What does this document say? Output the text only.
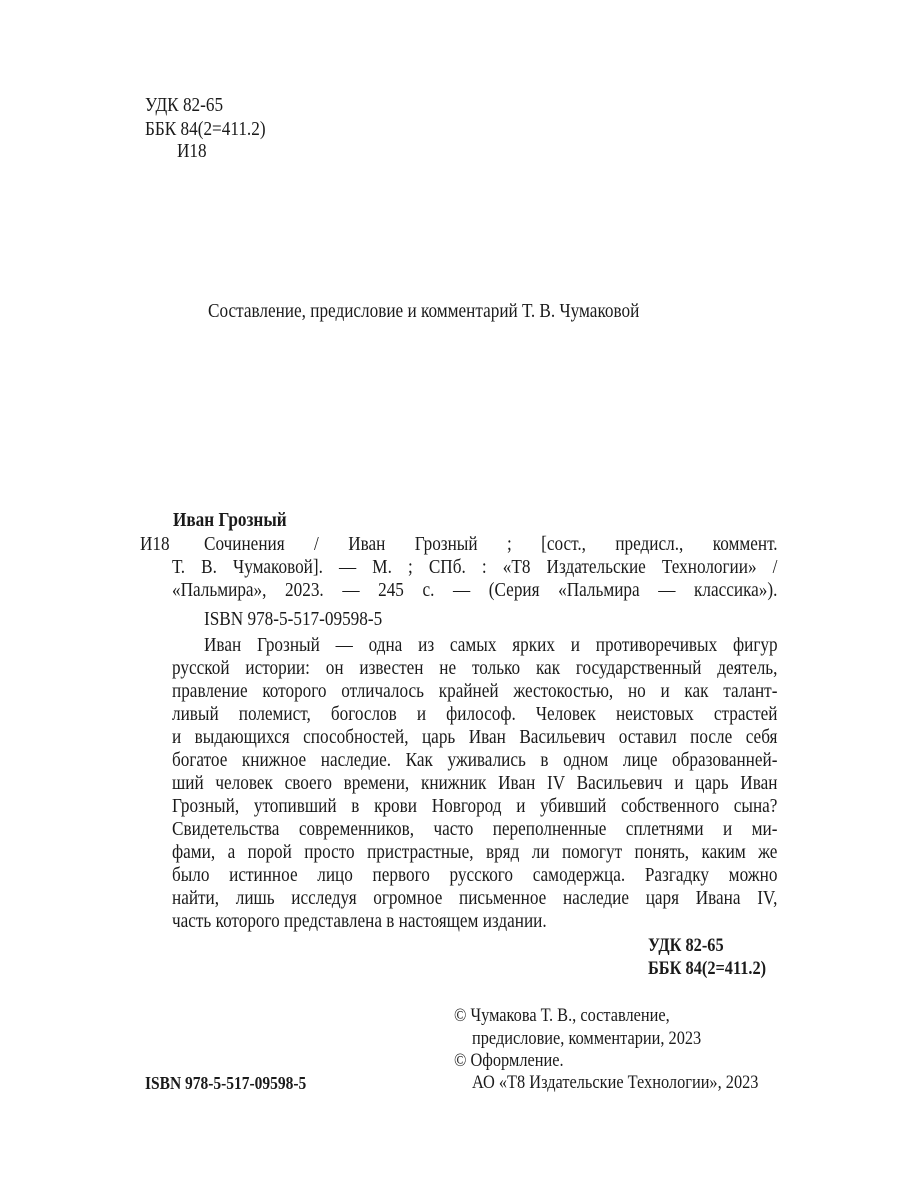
УДК 82-65
ББК 84(2=411.2)
И18
Составление, предисловие и комментарий Т. В. Чумаковой
Иван Грозный
И18 Сочинения / Иван Грозный ; [сост., предисл., коммент.
Т. В. Чумаковой]. — М. ; СПб. : «Т8 Издательские Технологии» /
«Пальмира», 2023. — 245 с. — (Серия «Пальмира — классика»).
ISBN 978-5-517-09598-5
Иван Грозный — одна из самых ярких и противоречивых фигур
русской истории: он известен не только как государственный деятель,
правление которого отличалось крайней жестокостью, но и как талант-
ливый полемист, богослов и философ. Человек неистовых страстей
и выдающихся способностей, царь Иван Васильевич оставил после себя
богатое книжное наследие. Как уживались в одном лице образованней-
ший человек своего времени, книжник Иван IV Васильевич и царь Иван
Грозный, утопивший в крови Новгород и убивший собственного сына?
Свидетельства современников, часто переполненные сплетнями и ми-
фами, а порой просто пристрастные, вряд ли помогут понять, каким же
было истинное лицо первого русского самодержца. Разгадку можно
найти, лишь исследуя огромное письменное наследие царя Ивана IV,
часть которого представлена в настоящем издании.
УДК 82-65
ББК 84(2=411.2)
ISBN 978-5-517-09598-5
© Чумакова Т. В., составление,
предисловие, комментарии, 2023
© Оформление.
АО «Т8 Издательские Технологии», 2023
